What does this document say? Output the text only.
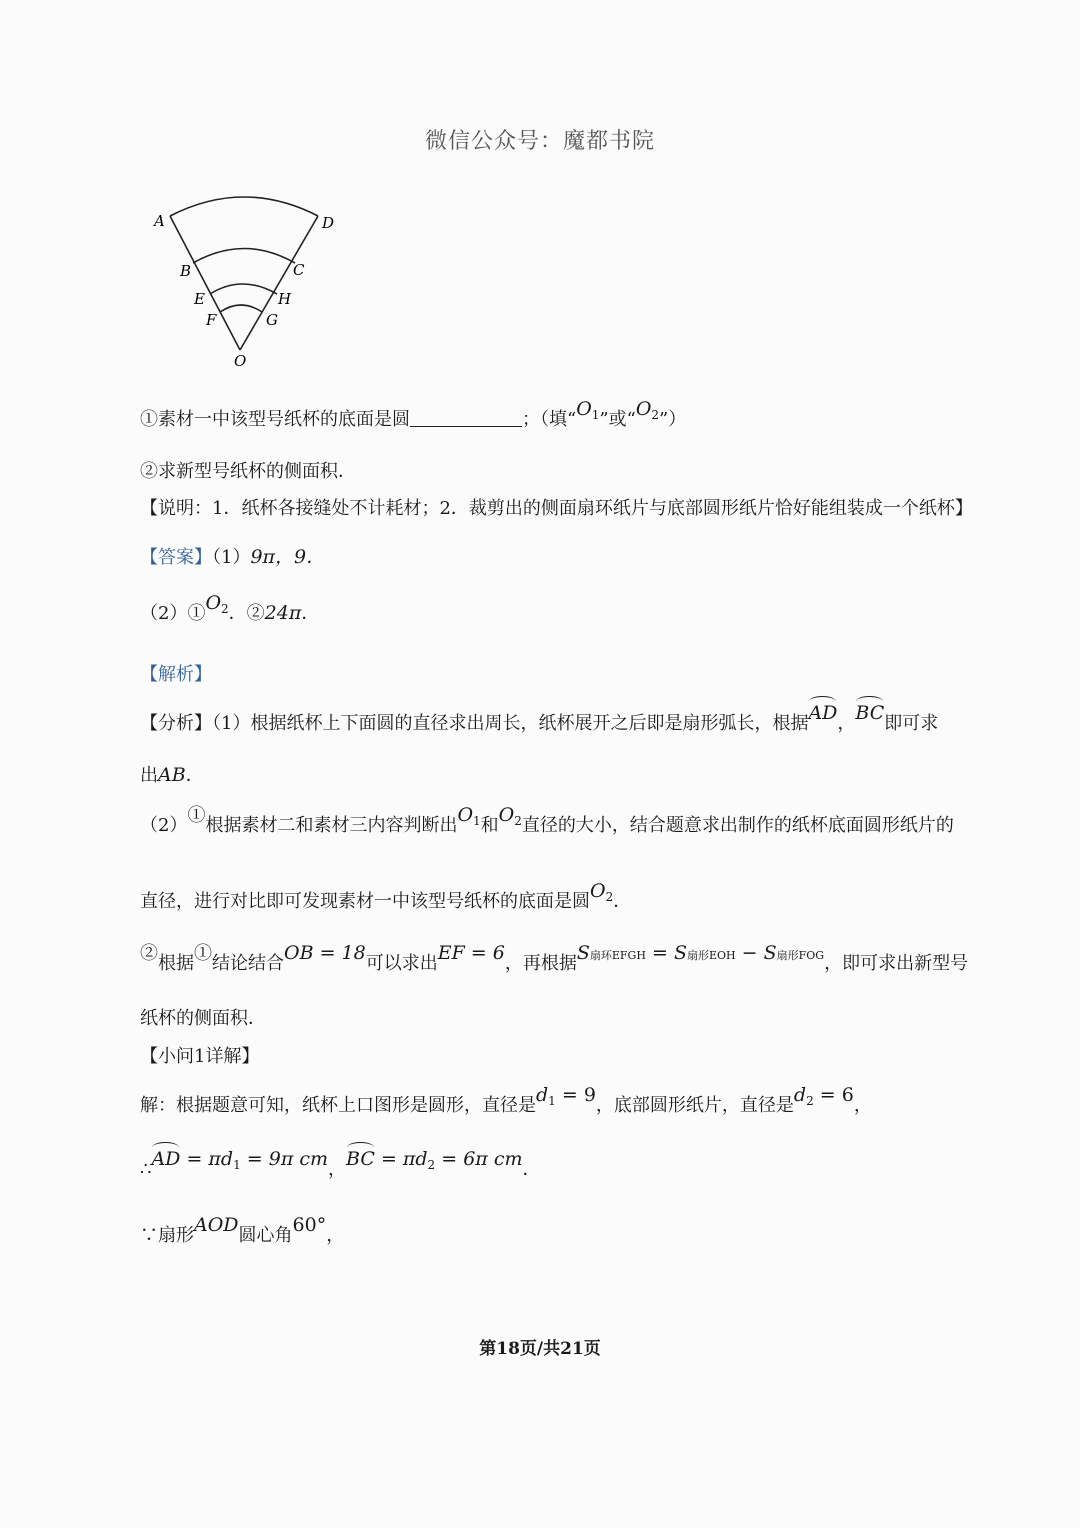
微信公众号：魔都书院
A	D
B	C
E	H
F	G
O
①素材一中该型号纸杯的底面是圆	；（填“$O_1$”或“$O_2$”）
②求新型号纸杯的侧面积．
【说明：1．纸杯各接缝处不计耗材；2．裁剪出的侧面扇环纸片与底部圆形纸片恰好能组装成一个纸杯】
【答案】（1）9π，9．
$(2)①O_2$．②24π．
【解析】
【分析】（1）根据纸杯上下面圆的直径求出周长，纸杯展开之后即是扇形弧长，根据AD，BC即可求
出AB．
（2）①根据素材二和素材三内容判断出$O_1$和$O_2$直径的大小，结合题意求出制作的纸杯底面圆形纸片的
直径，进行对比即可发现素材一中该型号纸杯的底面是圆$O_2$．
②根据①结论结合OB = 18可以求出EF = 6，再根据S扇环EFGH = S扇形EOH − S扇形FOG，即可求出新型号
纸杯的侧面积．
【小问1详解】
解：根据题意可知，纸杯上口图形是圆形，直径是$d_1 = 9$，底部圆形纸片，直径是$d_2 = 6$，
∴AD = $\pi d_1 = 9\pi$ cm，BC = $\pi d_2 = 6\pi$ cm．
∵扇形AOD圆心角60°，
第18页/共21页
